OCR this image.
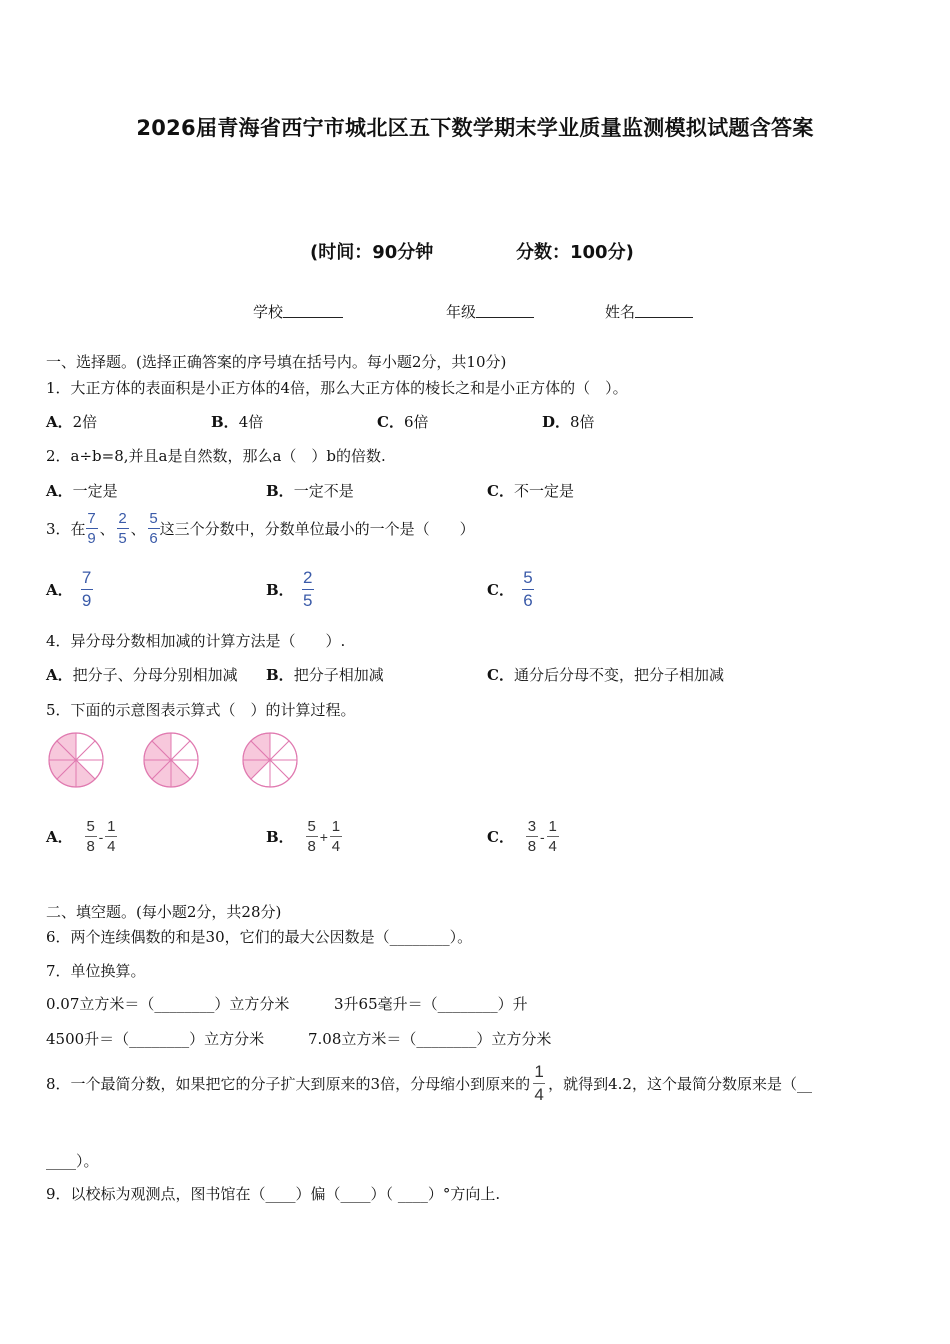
2026届青海省西宁市城北区五下数学期末学业质量监测模拟试题含答案
(时间：90分钟	分数：100分)
学校	年级	姓名
一、选择题。(选择正确答案的序号填在括号内。每小题2分，共10分)
1．大正方体的表面积是小正方体的4倍，那么大正方体的棱长之和是小正方体的（　）。
A．2倍	B．4倍	C．6倍	D．8倍
2．a÷b=8,并且a是自然数，那么a（　）b的倍数.
A．一定是	B．一定不是	C．不一定是
3． 在 $\frac{7}{9}$ 、 $\frac{2}{5}$ 、 $\frac{5}{6}$ 这三个分数中，分数单位最小的一个是（　　）
A． $\frac{7}{9}$	B． $\frac{2}{5}$	C． $\frac{5}{6}$
4．异分母分数相加减的计算方法是（　　）.
A．把分子、分母分别相加减 B．把分子相加减	C．通分后分母不变，把分子相加减
5．下面的示意图表示算式（　）的计算过程。
A． $\frac{5}{8} - \frac{1}{4}$	B． $\frac{5}{8} + \frac{1}{4}$	C． $\frac{3}{8} - \frac{1}{4}$
二、填空题。(每小题2分，共28分)
6．两个连续偶数的和是30，它们的最大公因数是（________）。
7．单位换算。
0.07立方米＝（________）立方分米	3升65毫升＝（________）升
4500升＝（________）立方分米	7.08立方米＝（________）立方分米
8． 一个最简分数，如果把它的分子扩大到原来的3倍，分母缩小到原来的 $\frac{1}{4}$ ，就得到4.2，这个最简分数原来是（__
____）。
9．以校标为观测点，图书馆在（____）偏（____）（ ____）°方向上.
